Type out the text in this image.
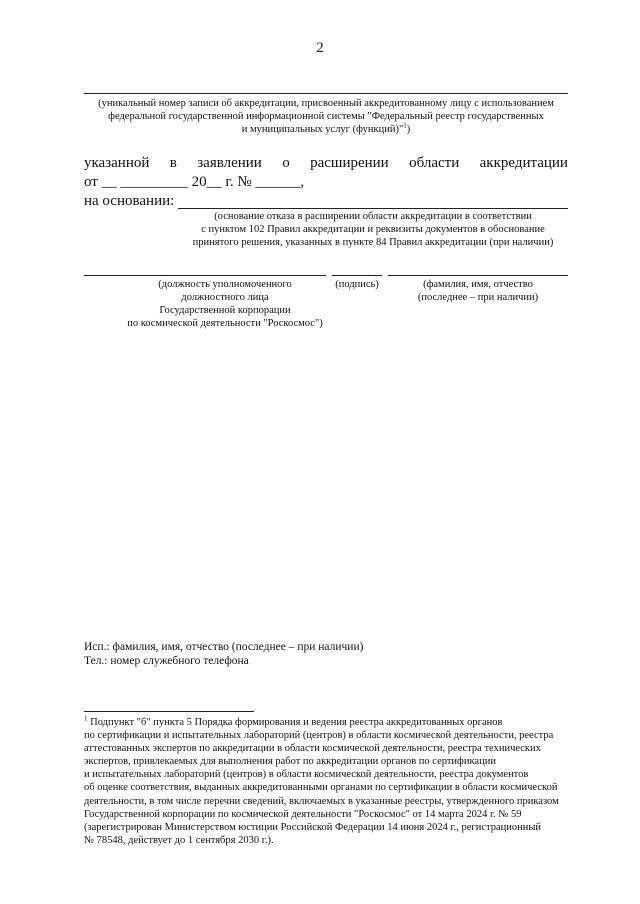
2
(уникальный номер записи об аккредитации, присвоенный аккредитованному лицу с использованием
федеральной государственной информационной системы "Федеральный реестр государственных
и муниципальных услуг (функций)"$^1$)
указанной в заявлении о расширении области аккредитации
от __ _________ 20__ г. № ______,
на основании:
(основание отказа в расширении области аккредитации в соответствии
с пунктом 102 Правил аккредитации и реквизиты документов в обоснование
принятого решения, указанных в пункте 84 Правил аккредитации (при наличии)
(должность уполномоченного
должностного лица
Государственной корпорации
по космической деятельности "Роскосмос")
(подпись)	(фамилия, имя, отчество
(последнее – при наличии)
Исп.: фамилия, имя, отчество (последнее – при наличии)
Тел.: номер служебного телефона
$^1$ Подпункт "б" пункта 5 Порядка формирования и ведения реестра аккредитованных органов
по сертификации и испытательных лабораторий (центров) в области космической деятельности, реестра
аттестованных экспертов по аккредитации в области космической деятельности, реестра технических
экспертов, привлекаемых для выполнения работ по аккредитации органов по сертификации
и испытательных лабораторий (центров) в области космической деятельности, реестра документов
об оценке соответствия, выданных аккредитованными органами по сертификации в области космической
деятельности, в том числе перечни сведений, включаемых в указанные реестры, утвержденного приказом
Государственной корпорации по космической деятельности "Роскосмос" от 14 марта 2024 г. № 59
(зарегистрирован Министерством юстиции Российской Федерации 14 июня 2024 г., регистрационный
№ 78548, действует до 1 сентября 2030 г.).
